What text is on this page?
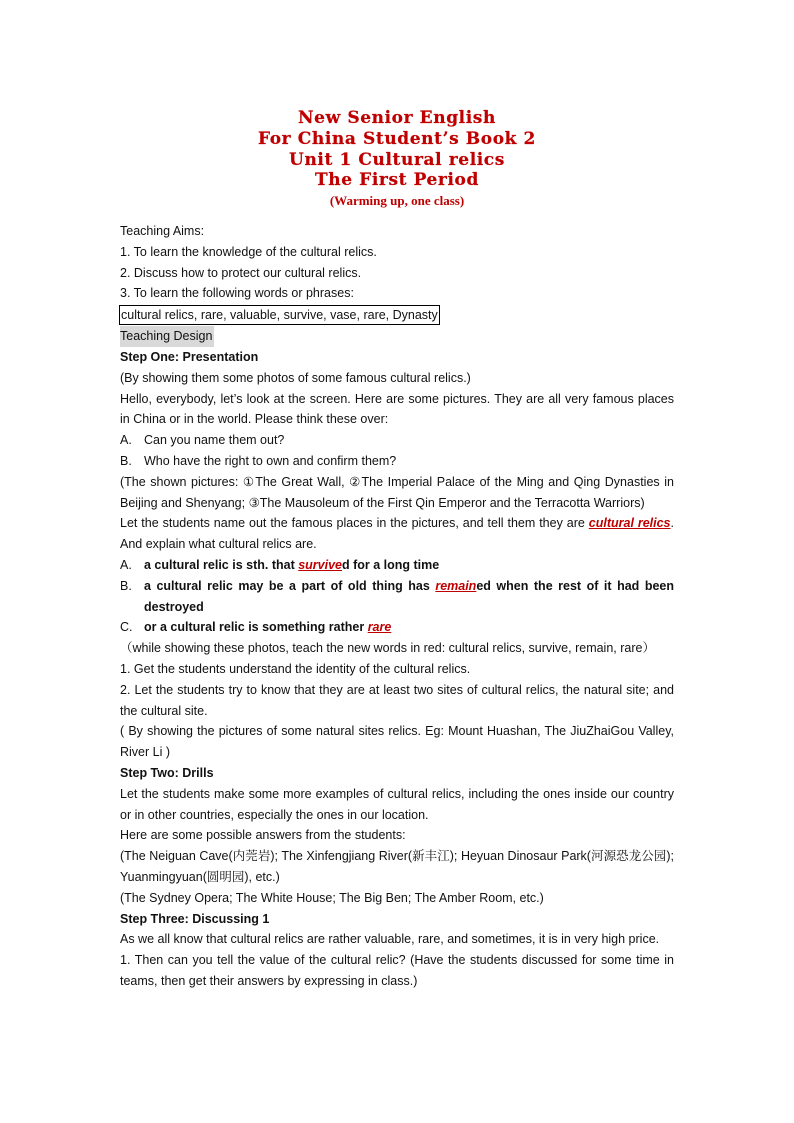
New Senior English
For China Student’s Book 2
Unit 1 Cultural relics
The First Period
(Warming up, one class)

Teaching Aims:

1. To learn the knowledge of the cultural relics.

2. Discuss how to protect our cultural relics.

3. To learn the following words or phrases:

cultural relics, rare, valuable, survive, vase, rare, Dynasty

Teaching Design

Step One: Presentation

(By showing them some photos of some famous cultural relics.)

Hello, everybody, let’s look at the screen. Here are some pictures. They are all very famous places in China or in the world. Please think these over:

A. Can you name them out?

B. Who have the right to own and confirm them?

(The shown pictures: ①The Great Wall, ②The Imperial Palace of the Ming and Qing Dynasties in Beijing and Shenyang; ③The Mausoleum of the First Qin Emperor and the Terracotta Warriors)

Let the students name out the famous places in the pictures, and tell them they are cultural relics. And explain what cultural relics are.

A. a cultural relic is sth. that survived for a long time

B. a cultural relic may be a part of old thing has remained when the rest of it had been destroyed

C. or a cultural relic is something rather rare

（while showing these photos, teach the new words in red: cultural relics, survive, remain, rare）

1. Get the students understand the identity of the cultural relics.

2. Let the students try to know that they are at least two sites of cultural relics, the natural site; and the cultural site.

( By showing the pictures of some natural sites relics. Eg: Mount Huashan, The JiuZhaiGou Valley, River Li )

Step Two: Drills

Let the students make some more examples of cultural relics, including the ones inside our country or in other countries, especially the ones in our location.

Here are some possible answers from the students:

(The Neiguan Cave(内莞岩); The Xinfengjiang River(新丰江); Heyuan Dinosaur Park(河源恐龙公园); Yuanmingyuan(圆明园), etc.)

(The Sydney Opera; The White House; The Big Ben; The Amber Room, etc.)

Step Three: Discussing 1

As we all know that cultural relics are rather valuable, rare, and sometimes, it is in very high price.

1. Then can you tell the value of the cultural relic? (Have the students discussed for some time in teams, then get their answers by expressing in class.)
